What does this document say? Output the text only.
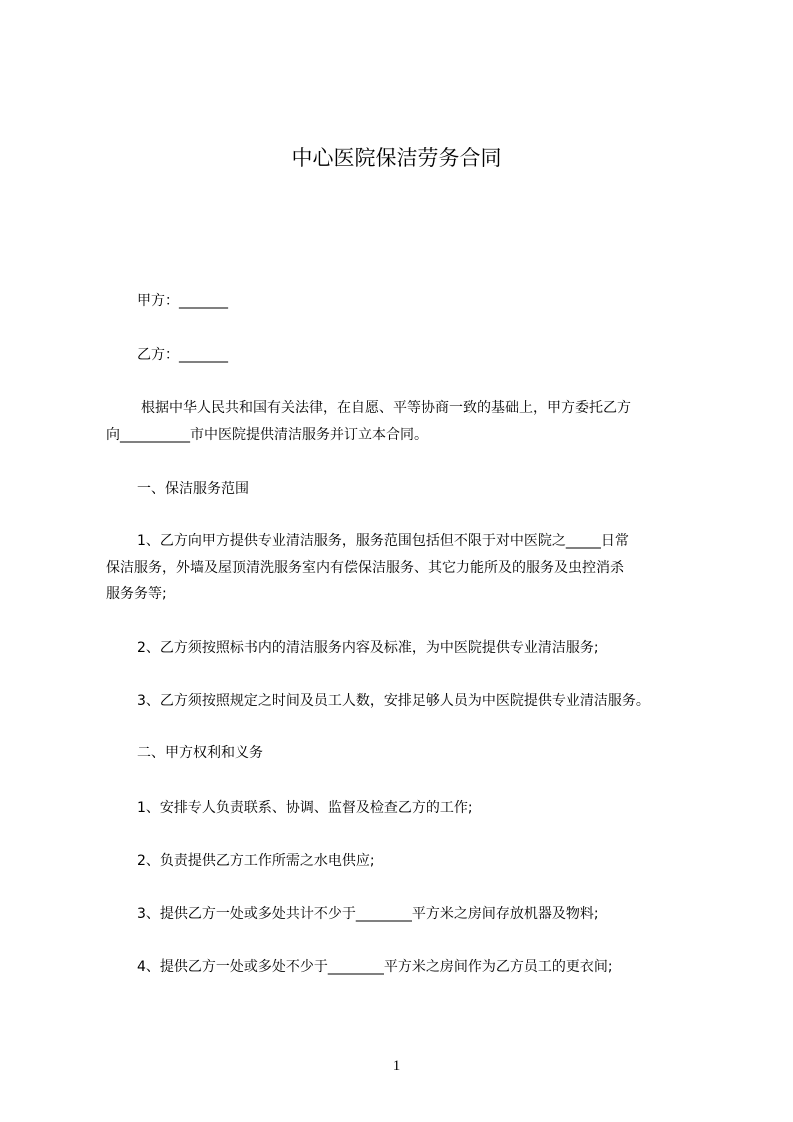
中心医院保洁劳务合同

甲方：_______

乙方：_______

根据中华人民共和国有关法律，在自愿、平等协商一致的基础上，甲方委托乙方

向__________市中医院提供清洁服务并订立本合同。

一、保洁服务范围

1、乙方向甲方提供专业清洁服务，服务范围包括但不限于对中医院之_____日常

保洁服务，外墙及屋顶清洗服务室内有偿保洁服务、其它力能所及的服务及虫控消杀

服务务等;

2、乙方须按照标书内的清洁服务内容及标准，为中医院提供专业清洁服务;

3、乙方须按照规定之时间及员工人数，安排足够人员为中医院提供专业清洁服务。

二、甲方权利和义务

1、安排专人负责联系、协调、监督及检查乙方的工作;

2、负责提供乙方工作所需之水电供应;

3、提供乙方一处或多处共计不少于________平方米之房间存放机器及物料;

4、提供乙方一处或多处不少于________平方米之房间作为乙方员工的更衣间;

1
